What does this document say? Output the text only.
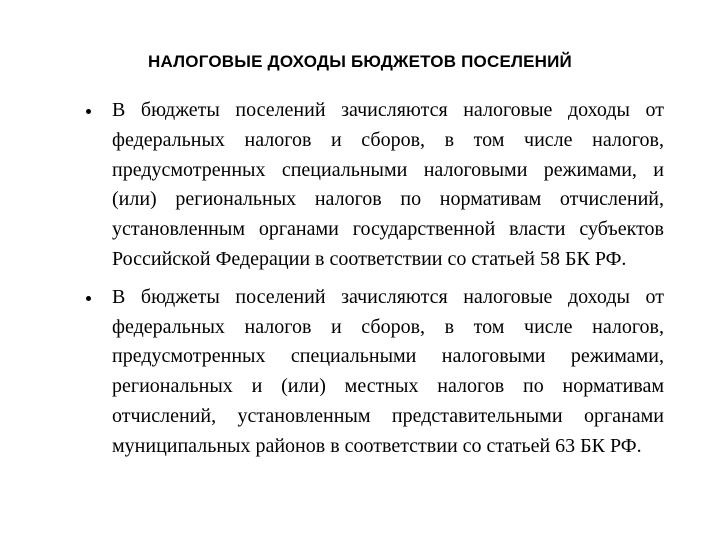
НАЛОГОВЫЕ ДОХОДЫ БЮДЖЕТОВ ПОСЕЛЕНИЙ
В бюджеты поселений зачисляются налоговые доходы от федеральных налогов и сборов, в том числе налогов, предусмотренных специальными налоговыми режимами, и (или) региональных налогов по нормативам отчислений, установленным органами государственной власти субъектов Российской Федерации в соответствии со статьей 58 БК РФ.
В бюджеты поселений зачисляются налоговые доходы от федеральных налогов и сборов, в том числе налогов, предусмотренных специальными налоговыми режимами, региональных и (или) местных налогов по нормативам отчислений, установленным представительными органами муниципальных районов в соответствии со статьей 63 БК РФ.
